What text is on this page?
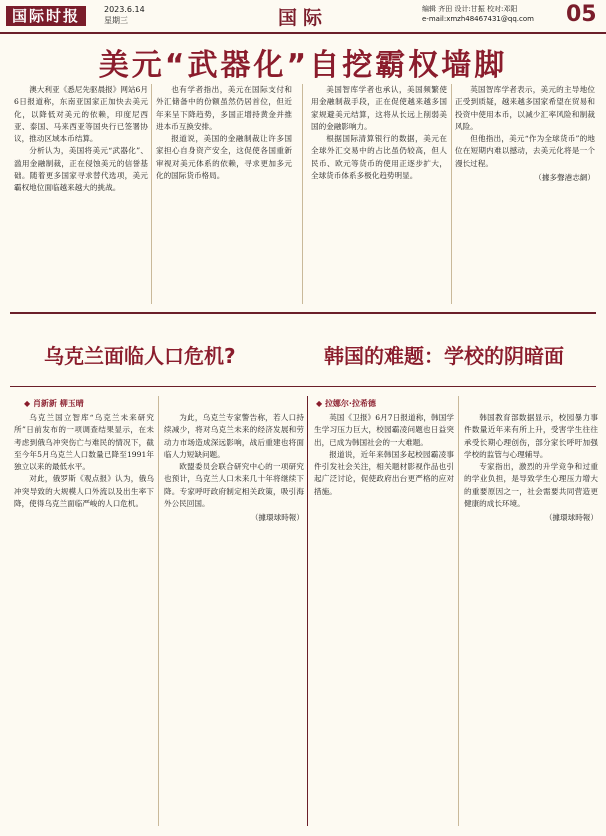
国际时报	2023.6.14
星期三	国际	编辑 齐田 设计:甘振 校对:邓阳
e-mail:xmzh48467431@qq.com	05
美元“武器化”自挖霸权墙脚

澳大利亚《悉尼先驱晨报》网站6月6日报道称，东南亚国家正加快去美元化，以降低对美元的依赖，印度尼西亚、泰国、马来西亚等国央行已签署协议，推动区域本币结算。

分析认为，美国将美元“武器化”、滥用金融制裁，正在侵蚀美元的信誉基础。随着更多国家寻求替代选项，美元霸权地位面临越来越大的挑战。

也有学者指出，美元在国际支付和外汇储备中的份额虽然仍居首位，但近年来呈下降趋势，多国正增持黄金并推进本币互换安排。

报道说，美国的金融制裁让许多国家担心自身资产安全，这促使各国重新审视对美元体系的依赖，寻求更加多元化的国际货币格局。

美国智库学者也承认，美国频繁使用金融制裁手段，正在促使越来越多国家规避美元结算，这将从长远上削弱美国的金融影响力。

根据国际清算银行的数据，美元在全球外汇交易中的占比虽仍较高，但人民币、欧元等货币的使用正逐步扩大，全球货币体系多极化趋势明显。

英国智库学者表示，美元的主导地位正受到质疑，越来越多国家希望在贸易和投资中使用本币，以减少汇率风险和制裁风险。

但他指出，美元“作为全球货币”的地位在短期内难以撼动，去美元化将是一个漫长过程。

（據多聲港志網）

乌克兰面临人口危机?	韩国的难题：学校的阴暗面
◆ 肖新新 柳玉晴	◆ 拉娜尔·拉希德

乌克兰国立智库“乌克兰未来研究所”日前发布的一项调查结果显示，在未考虑到俄乌冲突伤亡与难民的情况下，截至今年5月乌克兰人口数量已降至1991年独立以来的最低水平。

对此，俄罗斯《观点报》认为，俄乌冲突导致的大规模人口外流以及出生率下降，使得乌克兰面临严峻的人口危机。

为此，乌克兰专家警告称，若人口持续减少，将对乌克兰未来的经济发展和劳动力市场造成深远影响，战后重建也将面临人力短缺问题。

欧盟委员会联合研究中心的一项研究也预计，乌克兰人口未来几十年将继续下降。专家呼吁政府制定相关政策，吸引海外公民回国。

（據環球時報）

英国《卫报》6月7日报道称，韩国学生学习压力巨大，校园霸凌问题也日益突出，已成为韩国社会的一大难题。

报道说，近年来韩国多起校园霸凌事件引发社会关注，相关题材影视作品也引起广泛讨论，促使政府出台更严格的应对措施。

韩国教育部数据显示，校园暴力事件数量近年来有所上升，受害学生往往承受长期心理创伤，部分家长呼吁加强学校的监管与心理辅导。

专家指出，激烈的升学竞争和过重的学业负担，是导致学生心理压力增大的重要原因之一，社会需要共同营造更健康的成长环境。

（據環球時報）
